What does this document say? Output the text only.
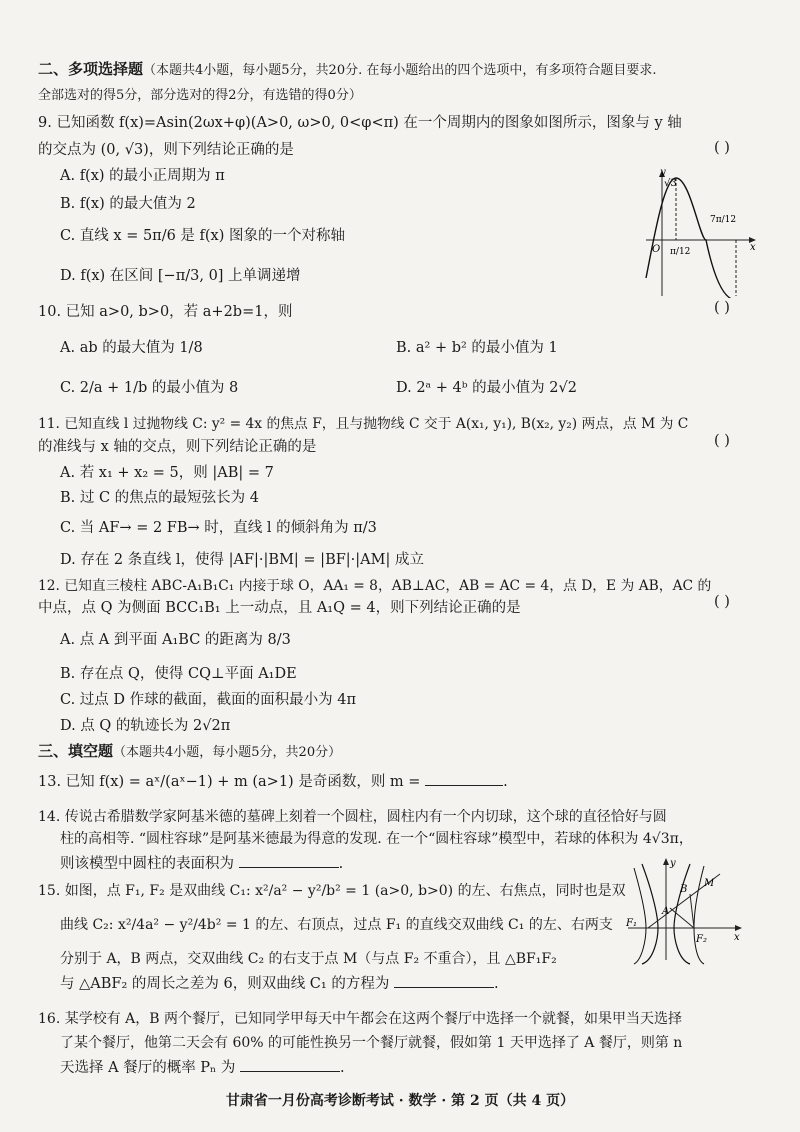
二、多项选择题（本题共4小题，每小题5分，共20分. 在每小题给出的四个选项中，有多项符合题目要求.
全部选对的得5分，部分选对的得2分，有选错的得0分）
9. 已知函数 f(x)=Asin(2ωx+φ)(A>0, ω>0, 0<φ<π) 在一个周期内的图象如图所示，图象与 y 轴
的交点为 (0, √3)，则下列结论正确的是	( )
A. f(x) 的最小正周期为 π
B. f(x) 的最大值为 2
C. 直线 x = 5π/6 是 f(x) 图象的一个对称轴
D. f(x) 在区间 [−π/3, 0] 上单调递增
√3
y
x
O π/12
7π/12
10. 已知 a>0, b>0，若 a+2b=1，则	( )
A. ab 的最大值为 1/8	B. a² + b² 的最小值为 1
C. 2/a + 1/b 的最小值为 8	D. 2ᵃ + 4ᵇ 的最小值为 2√2
11. 已知直线 l 过抛物线 C: y² = 4x 的焦点 F，且与抛物线 C 交于 A(x₁, y₁), B(x₂, y₂) 两点，点 M 为 C
的准线与 x 轴的交点，则下列结论正确的是	( )
A. 若 x₁ + x₂ = 5，则 |AB| = 7
B. 过 C 的焦点的最短弦长为 4
C. 当 AF→ = 2 FB→ 时，直线 l 的倾斜角为 π/3
D. 存在 2 条直线 l，使得 |AF|·|BM| = |BF|·|AM| 成立
12. 已知直三棱柱 ABC-A₁B₁C₁ 内接于球 O，AA₁ = 8，AB⊥AC，AB = AC = 4，点 D，E 为 AB，AC 的
中点，点 Q 为侧面 BCC₁B₁ 上一动点，且 A₁Q = 4，则下列结论正确的是	( )
A. 点 A 到平面 A₁BC 的距离为 8/3
B. 存在点 Q，使得 CQ⊥平面 A₁DE
C. 过点 D 作球的截面，截面的面积最小为 4π
D. 点 Q 的轨迹长为 2√2π
三、填空题（本题共4小题，每小题5分，共20分）
13. 已知 f(x) = aˣ/(aˣ−1) + m (a>1) 是奇函数，则 m =	.
14. 传说古希腊数学家阿基米德的墓碑上刻着一个圆柱，圆柱内有一个内切球，这个球的直径恰好与圆
柱的高相等. “圆柱容球”是阿基米德最为得意的发现. 在一个“圆柱容球”模型中，若球的体积为 4√3π，
则该模型中圆柱的表面积为	.
15. 如图，点 F₁, F₂ 是双曲线 C₁: x²/a² − y²/b² = 1 (a>0, b>0) 的左、右焦点，同时也是双
曲线 C₂: x²/4a² − y²/4b² = 1 的左、右顶点，过点 F₁ 的直线交双曲线 C₁ 的左、右两支
分别于 A，B 两点，交双曲线 C₂ 的右支于点 M（与点 F₂ 不重合），且 △BF₁F₂
与 △ABF₂ 的周长之差为 6，则双曲线 C₁ 的方程为	.
F₁
F₂
A
B
M
y
x
16. 某学校有 A，B 两个餐厅，已知同学甲每天中午都会在这两个餐厅中选择一个就餐，如果甲当天选择
了某个餐厅，他第二天会有 60% 的可能性换另一个餐厅就餐，假如第 1 天甲选择了 A 餐厅，则第 n
天选择 A 餐厅的概率 Pₙ 为	.
甘肃省一月份高考诊断考试 · 数学 · 第 2 页（共 4 页）
